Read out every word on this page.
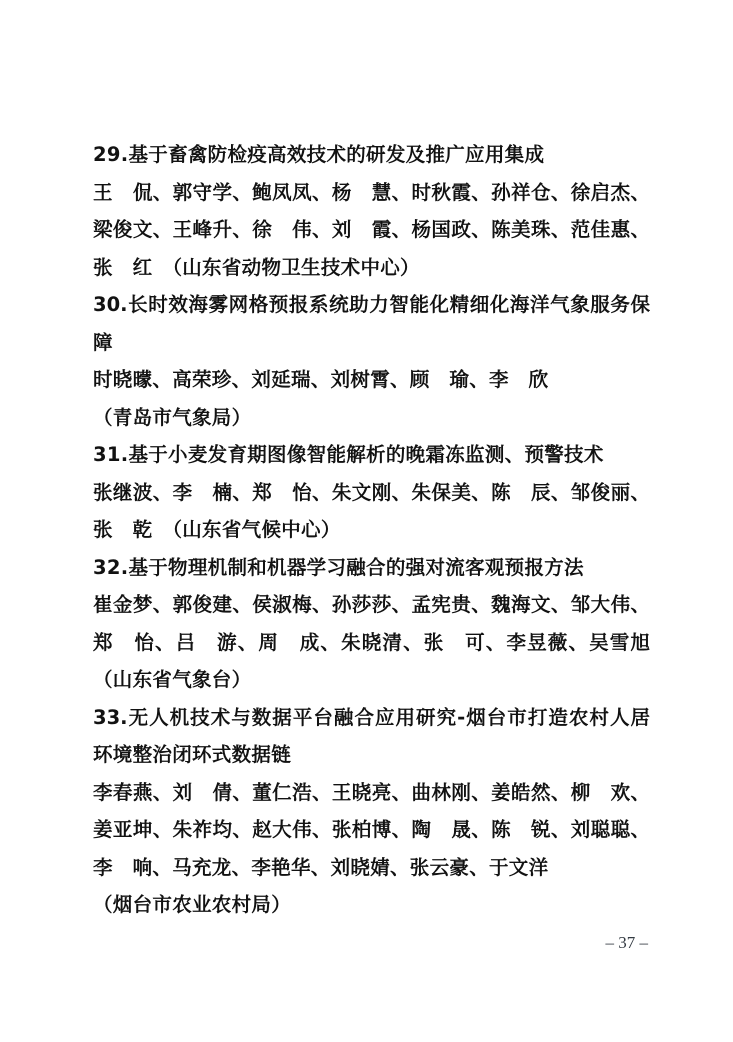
29.基于畜禽防检疫高效技术的研发及推广应用集成
王　侃、郭守学、鲍凤凤、杨　慧、时秋霞、孙祥仓、徐启杰、
梁俊文、王峰升、徐　伟、刘　霞、杨国政、陈美珠、范佳惠、
张　红　（山东省动物卫生技术中心）
30.长时效海雾网格预报系统助力智能化精细化海洋气象服务保
障
时晓曚、高荣珍、刘延瑞、刘树霄、顾　瑜、李　欣
（青岛市气象局）
31.基于小麦发育期图像智能解析的晚霜冻监测、预警技术
张继波、李　楠、郑　怡、朱文刚、朱保美、陈　辰、邹俊丽、
张　乾　（山东省气候中心）
32.基于物理机制和机器学习融合的强对流客观预报方法
崔金梦、郭俊建、侯淑梅、孙莎莎、孟宪贵、魏海文、邹大伟、
郑　怡、吕　游、周　成、朱晓清、张　可、李昱薇、吴雪旭
（山东省气象台）
33.无人机技术与数据平台融合应用研究-烟台市打造农村人居
环境整治闭环式数据链
李春燕、刘　倩、董仁浩、王晓亮、曲林刚、姜皓然、柳　欢、
姜亚坤、朱祚均、赵大伟、张柏博、陶　晟、陈　锐、刘聪聪、
李　响、马充龙、李艳华、刘晓婧、张云豪、于文洋
（烟台市农业农村局）
– 37 –
